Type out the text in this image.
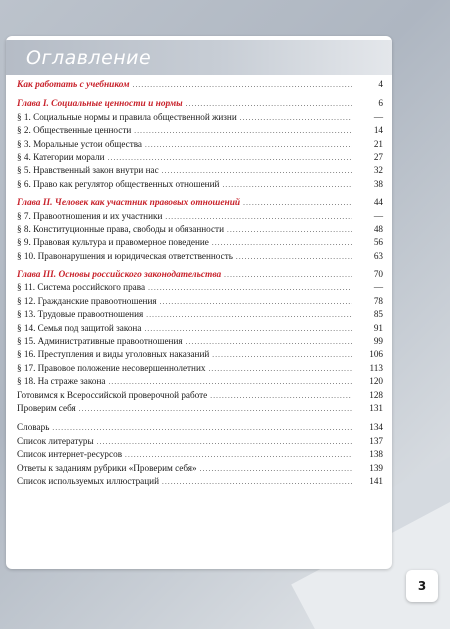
Оглавление
Как работать с учебником .....	4
Глава I. Социальные ценности и нормы .....	6
§ 1. Социальные нормы и правила общественной жизни .....	—
§ 2. Общественные ценности .....	14
§ 3. Моральные устои общества .....	21
§ 4. Категории морали .....	27
§ 5. Нравственный закон внутри нас .....	32
§ 6. Право как регулятор общественных отношений .....	38
Глава II. Человек как участник правовых отношений .....	44
§ 7. Правоотношения и их участники .....	—
§ 8. Конституционные права, свободы и обязанности .....	48
§ 9. Правовая культура и правомерное поведение .....	56
§ 10. Правонарушения и юридическая ответственность .....	63
Глава III. Основы российского законодательства .....	70
§ 11. Система российского права .....	—
§ 12. Гражданские правоотношения .....	78
§ 13. Трудовые правоотношения .....	85
§ 14. Семья под защитой закона .....	91
§ 15. Административные правоотношения .....	99
§ 16. Преступления и виды уголовных наказаний .....	106
§ 17. Правовое положение несовершеннолетних .....	113
§ 18. На страже закона .....	120
Готовимся к Всероссийской проверочной работе .....	128
Проверим себя .....	131
Словарь .....	134
Список литературы .....	137
Список интернет-ресурсов .....	138
Ответы к заданиям рубрики «Проверим себя» .....	139
Список используемых иллюстраций .....	141
3
